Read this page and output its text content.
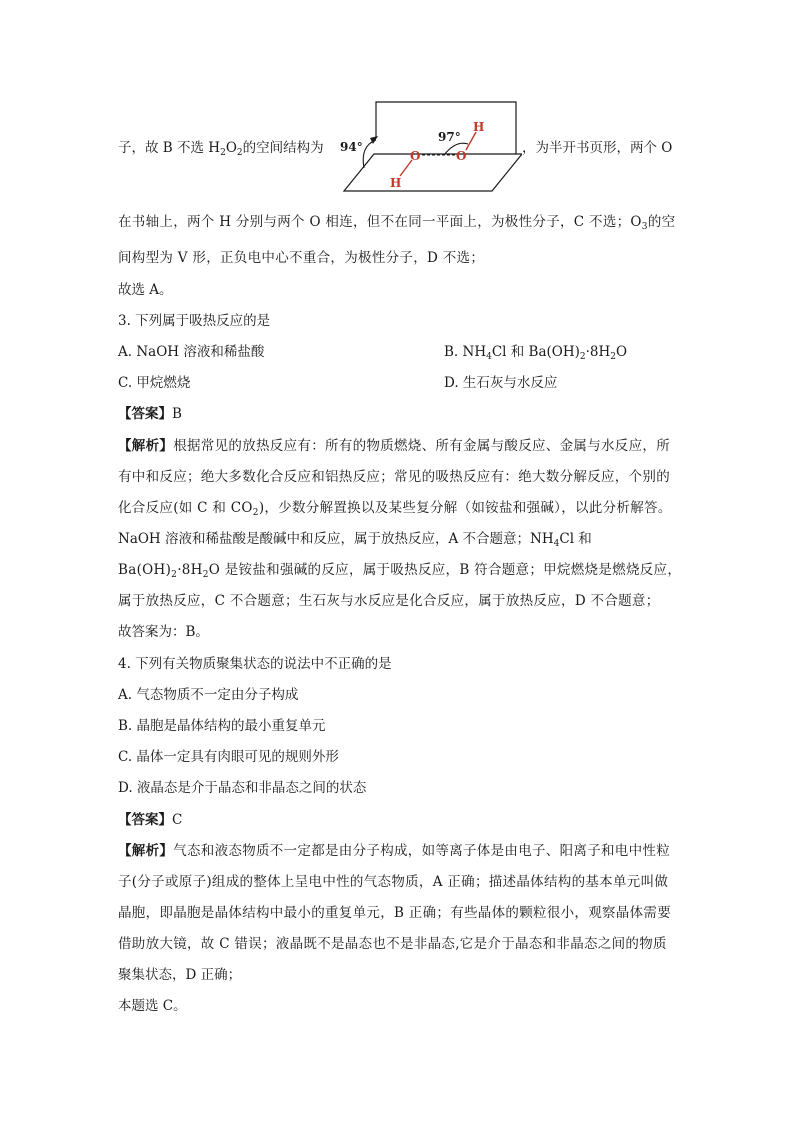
子，故 B 不选 $H_2O_2$的空间结构为 94°
97°
O	O
H
H
，为半开书页形，两个 O
在书轴上，两个 H 分别与两个 O 相连，但不在同一平面上，为极性分子，C 不选；$O_3$的空
间构型为 V 形，正负电中心不重合，为极性分子，D 不选；
故选 A。
3. 下列属于吸热反应的是
A. NaOH 溶液和稀盐酸	B. $NH_4Cl$ 和 $Ba(OH)_2\cdot 8H_2O$
C. 甲烷燃烧	D. 生石灰与水反应
【答案】B
【解析】根据常见的放热反应有：所有的物质燃烧、所有金属与酸反应、金属与水反应，所
有中和反应；绝大多数化合反应和铝热反应；常见的吸热反应有：绝大数分解反应，个别的
化合反应(如 C 和 $CO_2$)，少数分解置换以及某些复分解（如铵盐和强碱），以此分析解答。
NaOH 溶液和稀盐酸是酸碱中和反应，属于放热反应，A 不合题意；$NH_4Cl$ 和
$Ba(OH)_2\cdot 8H_2O$ 是铵盐和强碱的反应，属于吸热反应，B 符合题意；甲烷燃烧是燃烧反应，
属于放热反应，C 不合题意；生石灰与水反应是化合反应，属于放热反应，D 不合题意；
故答案为：B。
4. 下列有关物质聚集状态的说法中不正确的是
A. 气态物质不一定由分子构成
B. 晶胞是晶体结构的最小重复单元
C. 晶体一定具有肉眼可见的规则外形
D. 液晶态是介于晶态和非晶态之间的状态
【答案】C
【解析】气态和液态物质不一定都是由分子构成，如等离子体是由电子、阳离子和电中性粒
子(分子或原子)组成的整体上呈电中性的气态物质，A 正确；描述晶体结构的基本单元叫做
晶胞，即晶胞是晶体结构中最小的重复单元，B 正确；有些晶体的颗粒很小，观察晶体需要
借助放大镜，故 C 错误；液晶既不是晶态也不是非晶态,它是介于晶态和非晶态之间的物质
聚集状态，D 正确；
本题选 C。
